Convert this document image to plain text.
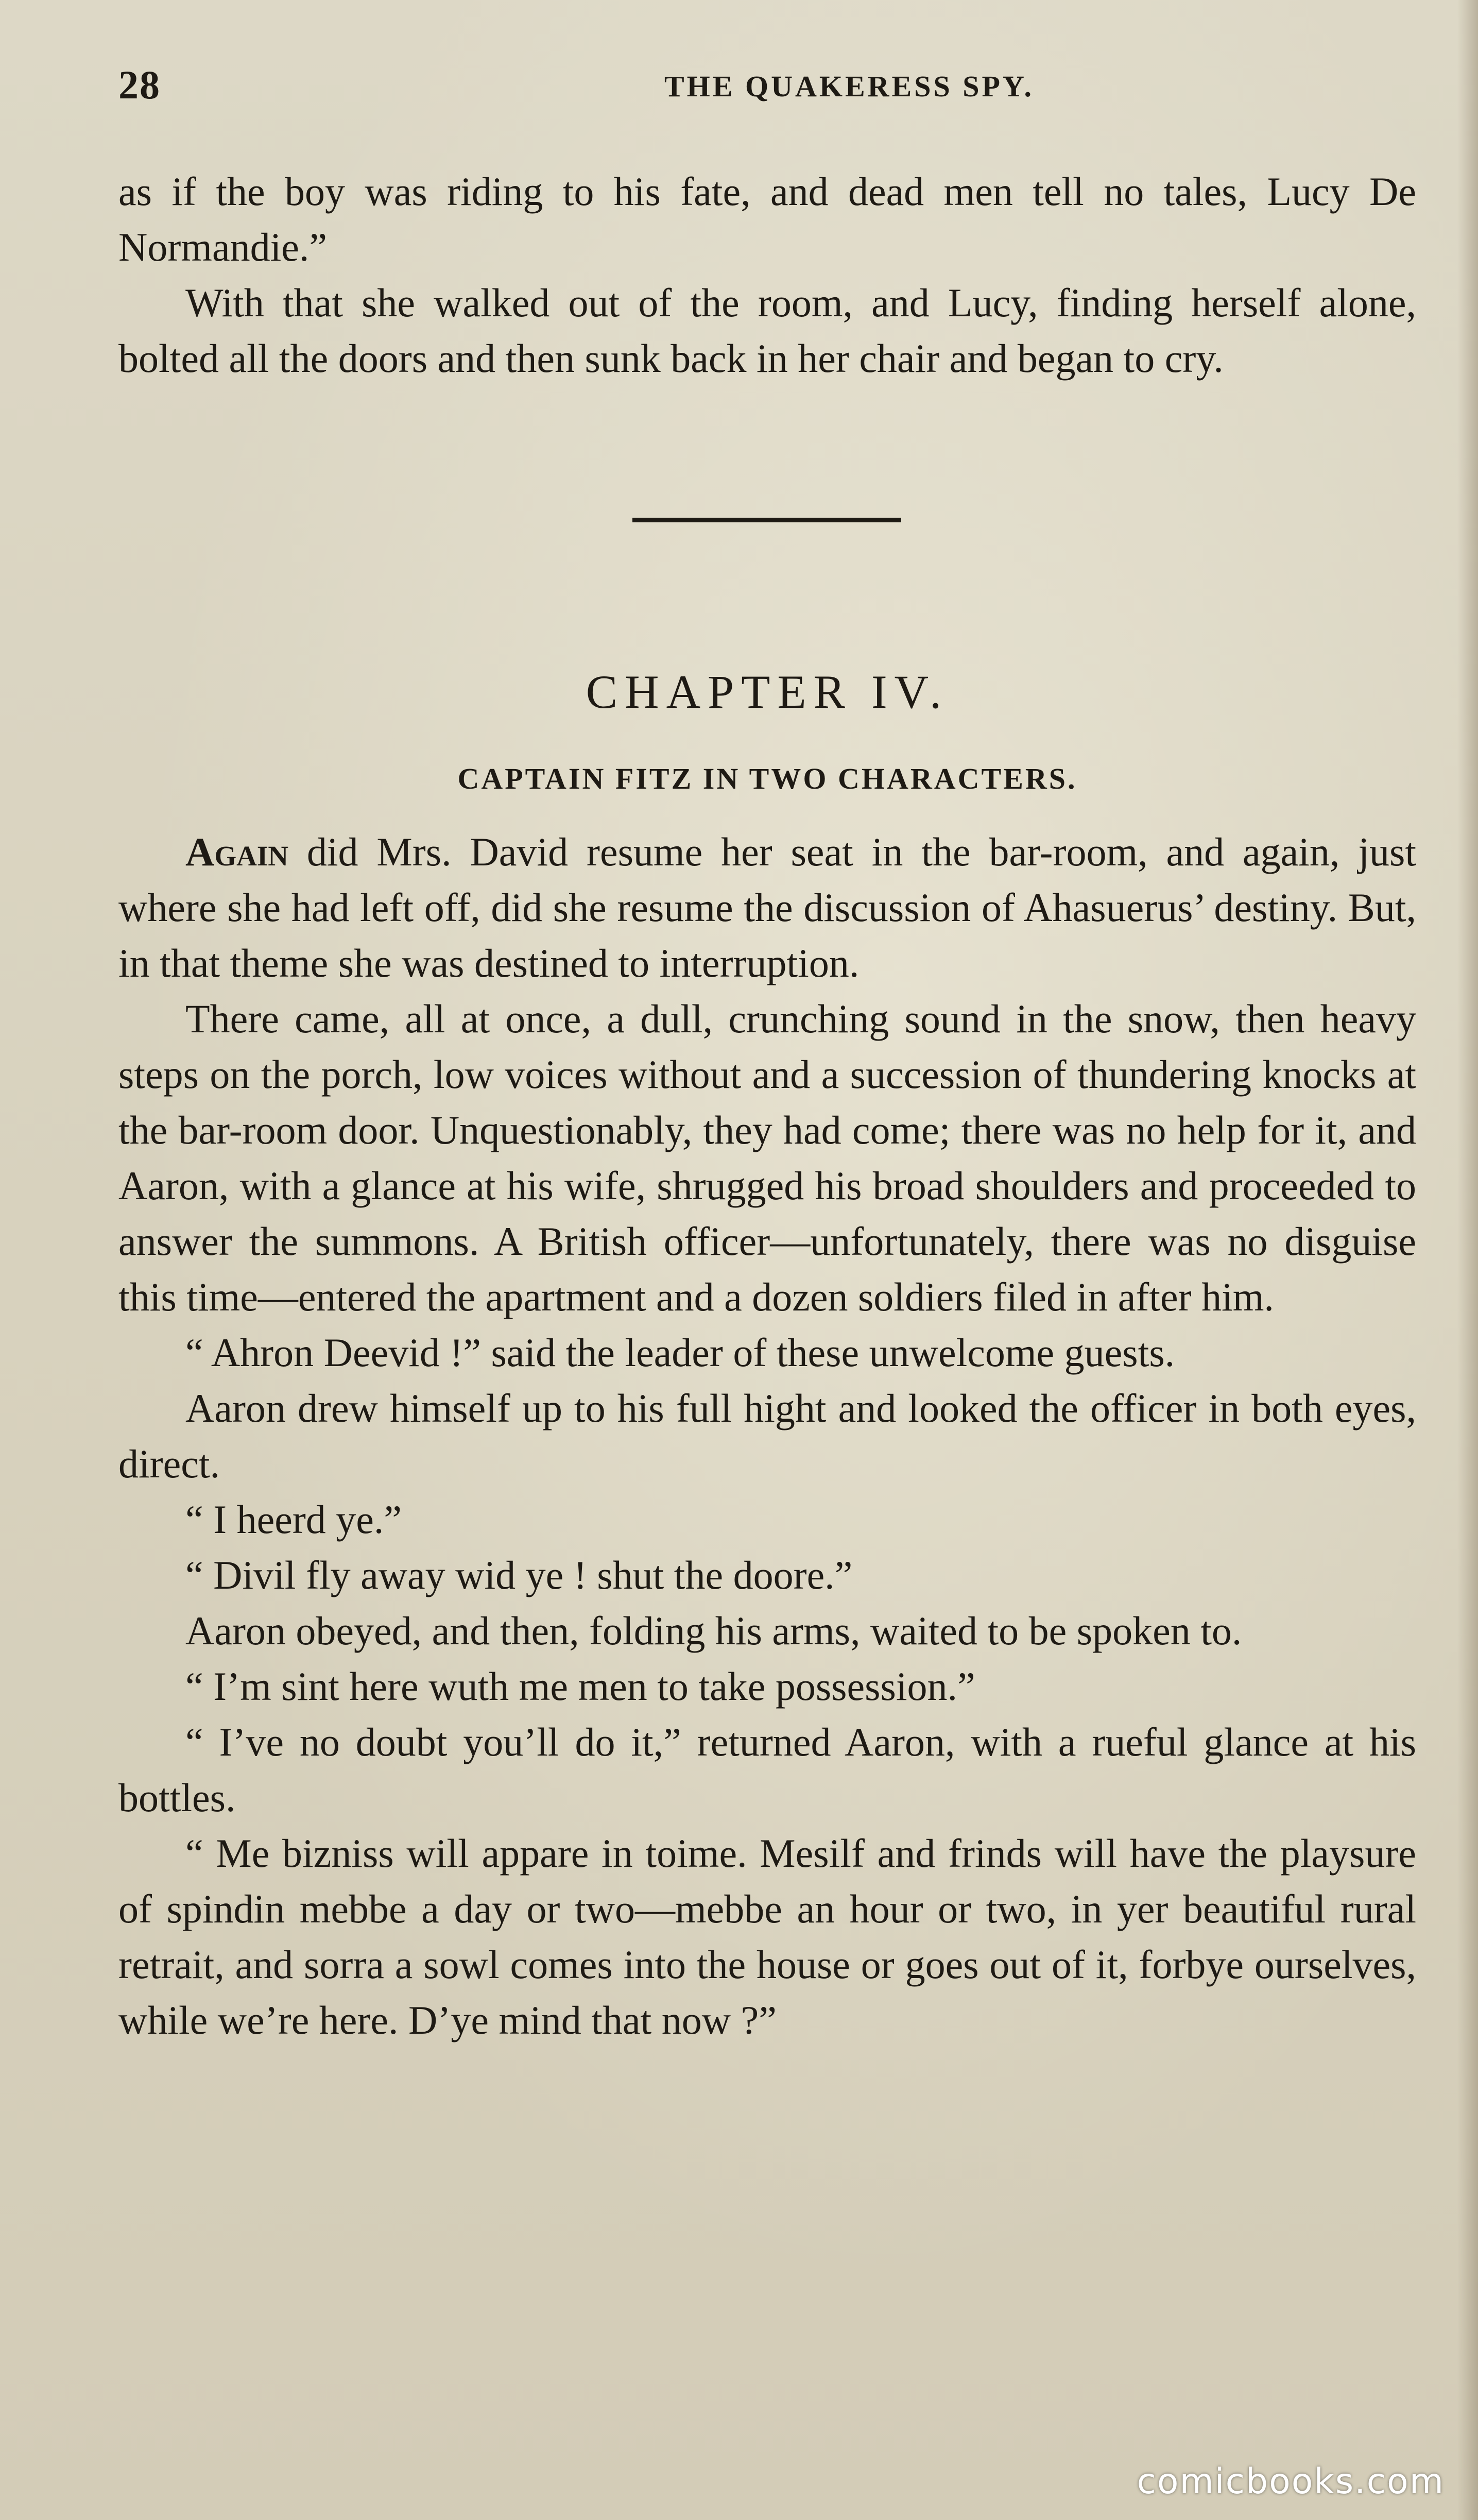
28	THE QUAKERESS SPY.

as if the boy was riding to his fate, and dead men tell no tales, Lucy De Normandie.”

With that she walked out of the room, and Lucy, finding herself alone, bolted all the doors and then sunk back in her chair and began to cry.

CHAPTER IV.
CAPTAIN FITZ IN TWO CHARACTERS.

Again did Mrs. David resume her seat in the bar-room, and again, just where she had left off, did she resume the discussion of Ahasuerus’ destiny. But, in that theme she was destined to interruption.

There came, all at once, a dull, crunching sound in the snow, then heavy steps on the porch, low voices without and a succession of thundering knocks at the bar-room door. Unquestionably, they had come; there was no help for it, and Aaron, with a glance at his wife, shrugged his broad shoulders and proceeded to answer the summons. A British officer—unfortunately, there was no disguise this time—entered the apartment and a dozen soldiers filed in after him.

“ Ahron Deevid !” said the leader of these unwelcome guests.

Aaron drew himself up to his full hight and looked the officer in both eyes, direct.

“ I heerd ye.”

“ Divil fly away wid ye ! shut the doore.”

Aaron obeyed, and then, folding his arms, waited to be spoken to.

“ I’m sint here wuth me men to take possession.”

“ I’ve no doubt you’ll do it,” returned Aaron, with a rueful glance at his bottles.

“ Me bizniss will appare in toime. Mesilf and frinds will have the playsure of spindin mebbe a day or two—mebbe an hour or two, in yer beautiful rural retrait, and sorra a sowl comes into the house or goes out of it, forbye ourselves, while we’re here. D’ye mind that now ?”

comicbooks.com
